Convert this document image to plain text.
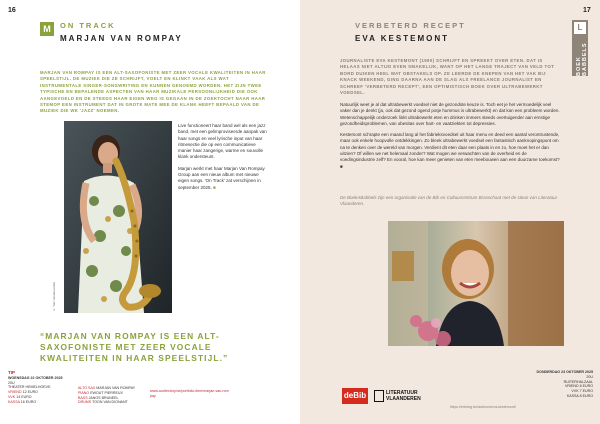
16
M	ON TRACK
MARJAN VAN ROMPAY
MARJAN VAN ROMPAY IS EEN ALT-SAXOFONISTE MET ZEER VOCALE KWALITEITEN IN HAAR SPEELSTIJL. DE MUZIEK DIE ZE SCHRIJFT, VOELT EN KLINKT VAAK ALS WAT INSTRUMENTALE SINGER-SONGWRITING EN KUNNEN GENOEMD WORDEN. HET ZIJN TWEE TYPISCHE EN BEPALENDE ASPECTEN VAN HAAR MUZIKALE PERSOONLIJKHEID DIE OOK AANGEVOELD EN DE STEEDS HAAR EIGEN WEG IS GEGAAN IN DE ZOEKTOCHT NAAR HAAR STEMOP EEN INSTRUMENT DAT IN GROTE MATE MEE DE KLANK HEEFT BEPAALD VAN DE MUZIEK DIE WE 'JAZZ' NOEMEN.
© Yani Vanderavelde

Live functioneert haar band wel als een jazz band, met een gelimproviseerde aanpak van haar songs en veel lyrische input van haar ritmesectie die op een communicatieve manier haar zangerige, warme en souvolle klank ondersteunt.

Marjan werkt met haar Marjan Van Rompay Group aan een nieuw album met nieuwe eigen songs. 'On Track' zat verschijnen in september 2025. ■

“MARJAN VAN ROMPAY IS EEN ALT-SAXOFONISTE MET ZEER VOCALE KWALITEITEN IN HAAR SPEELSTIJL.”
TIP
WOENSDAG 22 OKTOBER 2025
20U
THEATER HEMELHOEVE
VRIEND 12 EURO
VVK 14 EURO
KASSA 16 EURO
ALTO SAX MARJAN VAN ROMPAY
PIANO EWOUT PIERREUX
BASS JANOS BRUNEEL
DRUMS TOON VAN DIONANT
www.ccoltectory.be/portfolio-item/marjan-van-rompay
17
L
BOEK BABBELS
VERBETERD RECEPT
EVA KESTEMONT
JOURNALISTE EVA KESTEMONT (1990) SCHRIJFT EN SPREEKT OVER ETEN. DAT IS HELAAS NIET ALTIJD EVEN SMAKELIJK, WANT OP HET LANGE TRAJECT VAN VELD TOT BORD DUIKEN HEEL WAT OBSTAKELS OP. ZE LEERDE DE KNEPEN VAN HET VAK BIJ KNACK WEEKEND, GING DAARNA AAN DE SLAG ALS FREELANCE JOURNALIST EN SCHREEF 'VERBETERD RECEPT', EEN OPTIMISTISCH BOEK OVER ULTRABEWERKT VOEDSEL.

Natuurlijk weet je al dat ultrabewerkt voedsel niet de gezondste keuze is. Toch eet je het vermoedelijk veel vaker dan je denkt (ja, ook dat gezond ogend potje hummus is ultrabewerkt) en dat kan een probleem worden. Wetenschappelijk onderzoek linkt ultrabewerkt eten en drinken immers steeds overtuigender aan ernstige gezondheidsproblemen, van obesitas over hart- en vaatziekten tot depressies.

Kestemont schrapte een maand lang al het fabrieksvoedsel uit haar menu en deed een aantal verontrustende, maar ook enkele hoopvolle ontdekkingen. Zo bleek ultrabewerkt voedsel een fantastisch aanknopingspunt om na te denken over de wereld van morgen. Verdient dit eten daar een plaats in en zo, hoe moet het er dan uitzien? Of willen we net helemaal zonder? Wat mogen we verwachten van de overheid en de voedingsindustrie zelf? En vooral, hoe kan meer genieten van eten meebouwen aan een duurzame toekomst? ■

De BoekABabbels zijn een organisatie van de Bib en Cultuurcentrum Brasschaat met de steun van Literatuur Vlaanderen.
deBib	LITERATUUR VLAANDEREN
https://ertobrg.be/auteurs/eva-kestemont/
DONDERDAG 23 OKTOBER 2025
20U
RUITERHALZAAL
VRIEND 6 EURO
VVK 7 EURO
KASSA 8 EURO
